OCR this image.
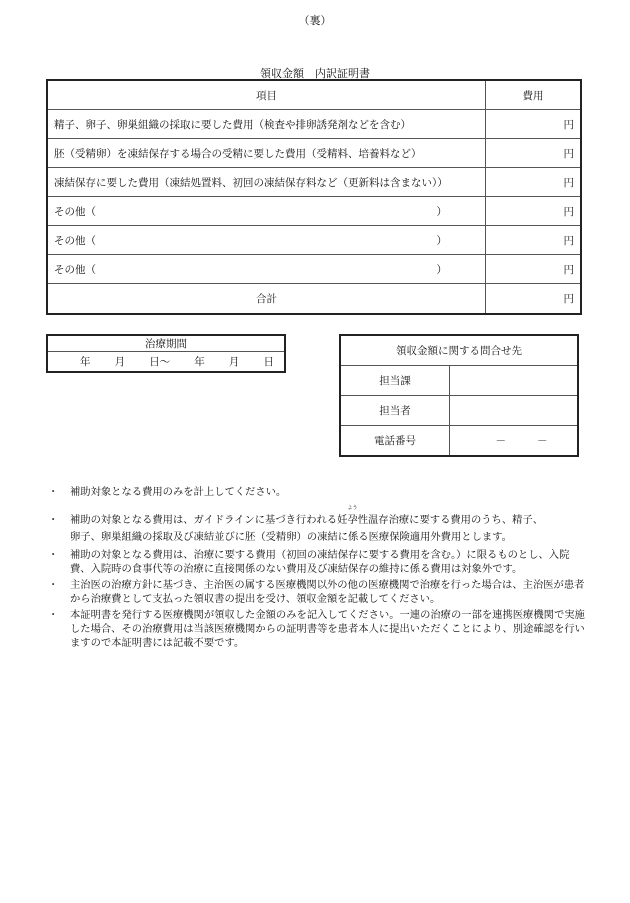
（裏）
領収金額　内訳証明書
項目	費用
精子、卵子、卵巣組織の採取に要した費用（検査や排卵誘発剤などを含む）	円
胚（受精卵）を凍結保存する場合の受精に要した費用（受精料、培養料など）	円
凍結保存に要した費用（凍結処置料、初回の凍結保存料など（更新料は含まない））	円

その他（ ）	円

その他（ ）	円

その他（ ）	円
合計	円
治療期間

年 月 日～ 年 月 日
領収金額に関する問合せ先	
担当課	
担当者	
電話番号	－ －
・	補助対象となる費用のみを計上してください。
・	補助の対象となる費用は、ガイドラインに基づき行われる妊
よう
孕性温存治療に要する費用のうち、精子、
卵子、卵巣組織の採取及び凍結並びに胚（受精卵）の凍結に係る医療保険適用外費用とします。
・	補助の対象となる費用は、治療に要する費用（初回の凍結保存に要する費用を含む。）に限るものとし、入院費、入院時の食事代等の治療に直接関係のない費用及び凍結保存の維持に係る費用は対象外です。
・	主治医の治療方針に基づき、主治医の属する医療機関以外の他の医療機関で治療を行った場合は、主治医が患者から治療費として支払った領収書の提出を受け、領収金額を記載してください。
・	本証明書を発行する医療機関が領収した金額のみを記入してください。一連の治療の一部を連携医療機関で実施した場合、その治療費用は当該医療機関からの証明書等を患者本人に提出いただくことにより、別途確認を行いますので本証明書には記載不要です。
